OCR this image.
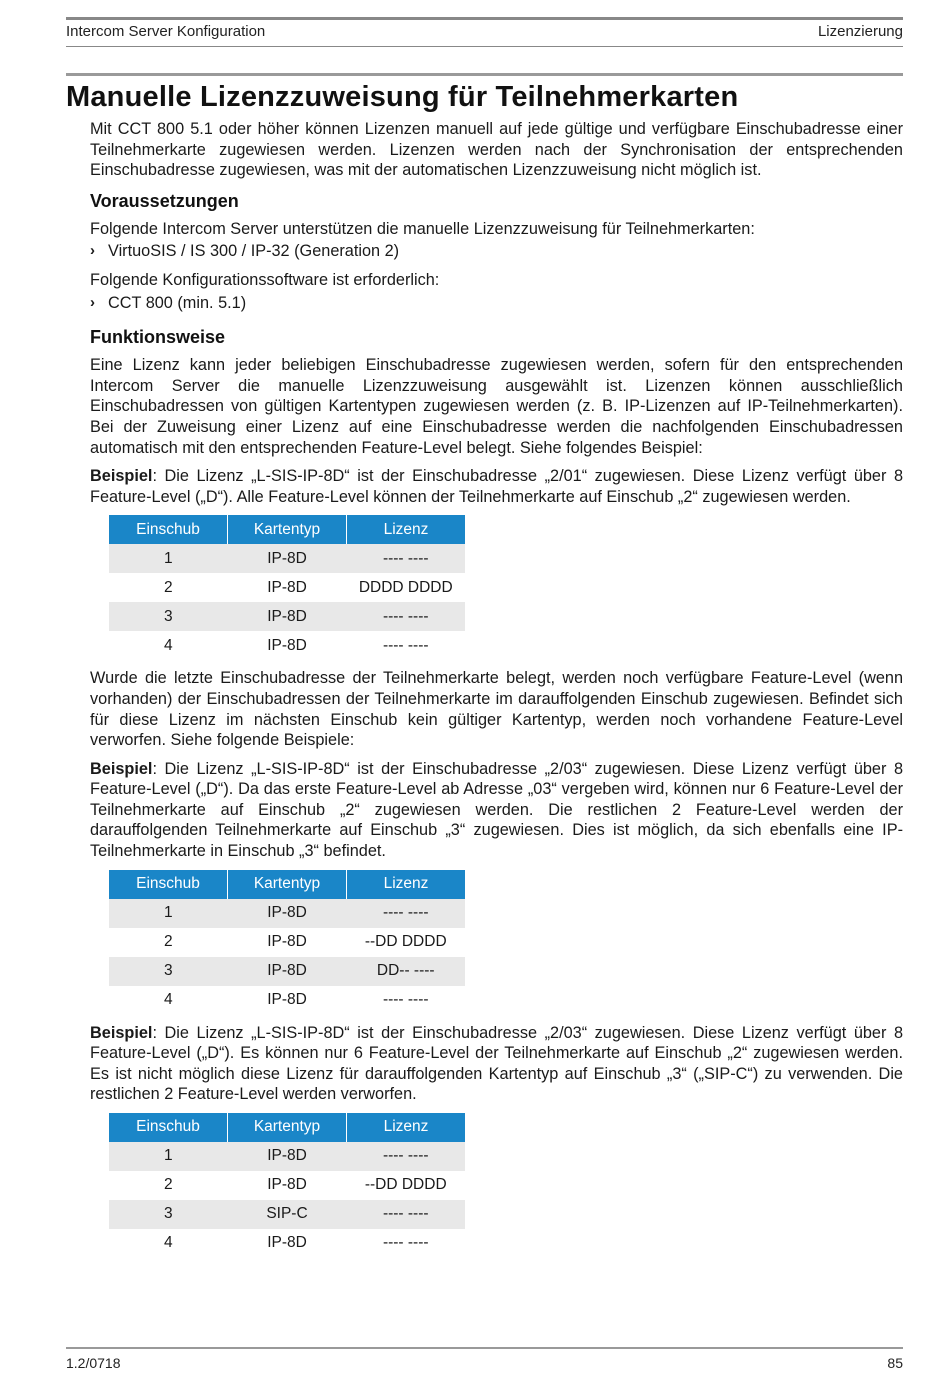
Intercom Server Konfiguration	Lizenzierung
Manuelle Lizenzzuweisung für Teilnehmerkarten

Mit CCT 800 5.1 oder höher können Lizenzen manuell auf jede gültige und verfügbare Einschubadresse einer Teilnehmerkarte zugewiesen werden. Lizenzen werden nach der Synchronisation der entsprechenden Einschubadresse zugewiesen, was mit der automatischen Lizenzzuweisung nicht möglich ist.

Voraussetzungen

Folgende Intercom Server unterstützen die manuelle Lizenzzuweisung für Teilnehmerkarten:

› VirtuoSIS / IS 300 / IP-32 (Generation 2)

Folgende Konfigurationssoftware ist erforderlich:

› CCT 800 (min. 5.1)
Funktionsweise

Eine Lizenz kann jeder beliebigen Einschubadresse zugewiesen werden, sofern für den entsprechenden Intercom Server die manuelle Lizenzzuweisung ausgewählt ist. Lizenzen können ausschließlich Einschubadressen von gültigen Kartentypen zugewiesen werden (z. B. IP-Lizenzen auf IP-Teilnehmerkarten). Bei der Zuweisung einer Lizenz auf eine Einschubadresse werden die nachfolgenden Einschubadressen automatisch mit den entsprechenden Feature-Level belegt. Siehe folgendes Beispiel:

Beispiel: Die Lizenz „L-SIS-IP-8D“ ist der Einschubadresse „2/01“ zugewiesen. Diese Lizenz verfügt über 8 Feature-Level („D“). Alle Feature-Level können der Teilnehmerkarte auf Einschub „2“ zugewiesen werden.

Einschub	Kartentyp	Lizenz
1	IP-8D	---- ----
2	IP-8D	DDDD DDDD
3	IP-8D	---- ----
4	IP-8D	---- ----

Wurde die letzte Einschubadresse der Teilnehmerkarte belegt, werden noch verfügbare Feature-Level (wenn vorhanden) der Einschubadressen der Teilnehmerkarte im darauffolgenden Einschub zugewiesen. Befindet sich für diese Lizenz im nächsten Einschub kein gültiger Kartentyp, werden noch vorhandene Feature-Level verworfen. Siehe folgende Beispiele:

Beispiel: Die Lizenz „L-SIS-IP-8D“ ist der Einschubadresse „2/03“ zugewiesen. Diese Lizenz verfügt über 8 Feature-Level („D“). Da das erste Feature-Level ab Adresse „03“ vergeben wird, können nur 6 Feature-Level der Teilnehmerkarte auf Einschub „2“ zugewiesen werden. Die restlichen 2 Feature-Level werden der darauffolgenden Teilnehmerkarte auf Einschub „3“ zugewiesen. Dies ist möglich, da sich ebenfalls eine IP-Teilnehmerkarte in Einschub „3“ befindet.

Einschub	Kartentyp	Lizenz
1	IP-8D	---- ----
2	IP-8D	--DD DDDD
3	IP-8D	DD-- ----
4	IP-8D	---- ----

Beispiel: Die Lizenz „L-SIS-IP-8D“ ist der Einschubadresse „2/03“ zugewiesen. Diese Lizenz verfügt über 8 Feature-Level („D“). Es können nur 6 Feature-Level der Teilnehmerkarte auf Einschub „2“ zugewiesen werden. Es ist nicht möglich diese Lizenz für darauffolgenden Kartentyp auf Einschub „3“ („SIP-C“) zu verwenden. Die restlichen 2 Feature-Level werden verworfen.

Einschub	Kartentyp	Lizenz
1	IP-8D	---- ----
2	IP-8D	--DD DDDD
3	SIP-C	---- ----
4	IP-8D	---- ----
1.2/0718	85
